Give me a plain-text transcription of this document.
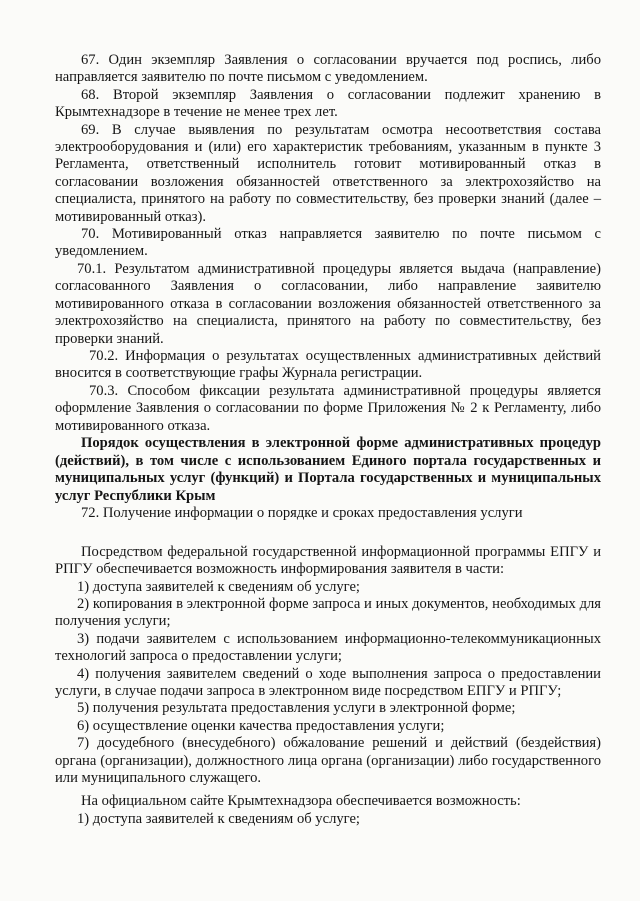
67. Один экземпляр Заявления о согласовании вручается под роспись, либо направляется заявителю по почте письмом с уведомлением.

68. Второй экземпляр Заявления о согласовании подлежит хранению в Крымтехнадзоре в течение не менее трех лет.

69. В случае выявления по результатам осмотра несоответствия состава электрооборудования и (или) его характеристик требованиям, указанным в пункте 3 Регламента, ответственный исполнитель готовит мотивированный отказ в согласовании возложения обязанностей ответственного за электрохозяйство на специалиста, принятого на работу по совместительству, без проверки знаний (далее – мотивированный отказ).

70. Мотивированный отказ направляется заявителю по почте письмом с уведомлением.

70.1. Результатом административной процедуры является выдача (направление) согласованного Заявления о согласовании, либо направление заявителю мотивированного отказа в согласовании возложения обязанностей ответственного за электрохозяйство на специалиста, принятого на работу по совместительству, без проверки знаний.

70.2. Информация о результатах осуществленных административных действий вносится в соответствующие графы Журнала регистрации.

70.3. Способом фиксации результата административной процедуры является оформление Заявления о согласовании по форме Приложения № 2 к Регламенту, либо мотивированного отказа.

Порядок осуществления в электронной форме административных процедур (действий), в том числе с использованием Единого портала государственных и муниципальных услуг (функций) и Портала государственных и муниципальных услуг Республики Крым

72. Получение информации о порядке и сроках предоставления услуги

Посредством федеральной государственной информационной программы ЕПГУ и РПГУ обеспечивается возможность информирования заявителя в части:

1) доступа заявителей к сведениям об услуге;

2) копирования в электронной форме запроса и иных документов, необходимых для получения услуги;

3) подачи заявителем с использованием информационно-телекоммуникационных технологий запроса о предоставлении услуги;

4) получения заявителем сведений о ходе выполнения запроса о предоставлении услуги, в случае подачи запроса в электронном виде посредством ЕПГУ и РПГУ;

5) получения результата предоставления услуги в электронной форме;

6) осуществление оценки качества предоставления услуги;

7) досудебного (внесудебного) обжалование решений и действий (бездействия) органа (организации), должностного лица органа (организации) либо государственного или муниципального служащего.

На официальном сайте Крымтехнадзора обеспечивается возможность:

1) доступа заявителей к сведениям об услуге;
